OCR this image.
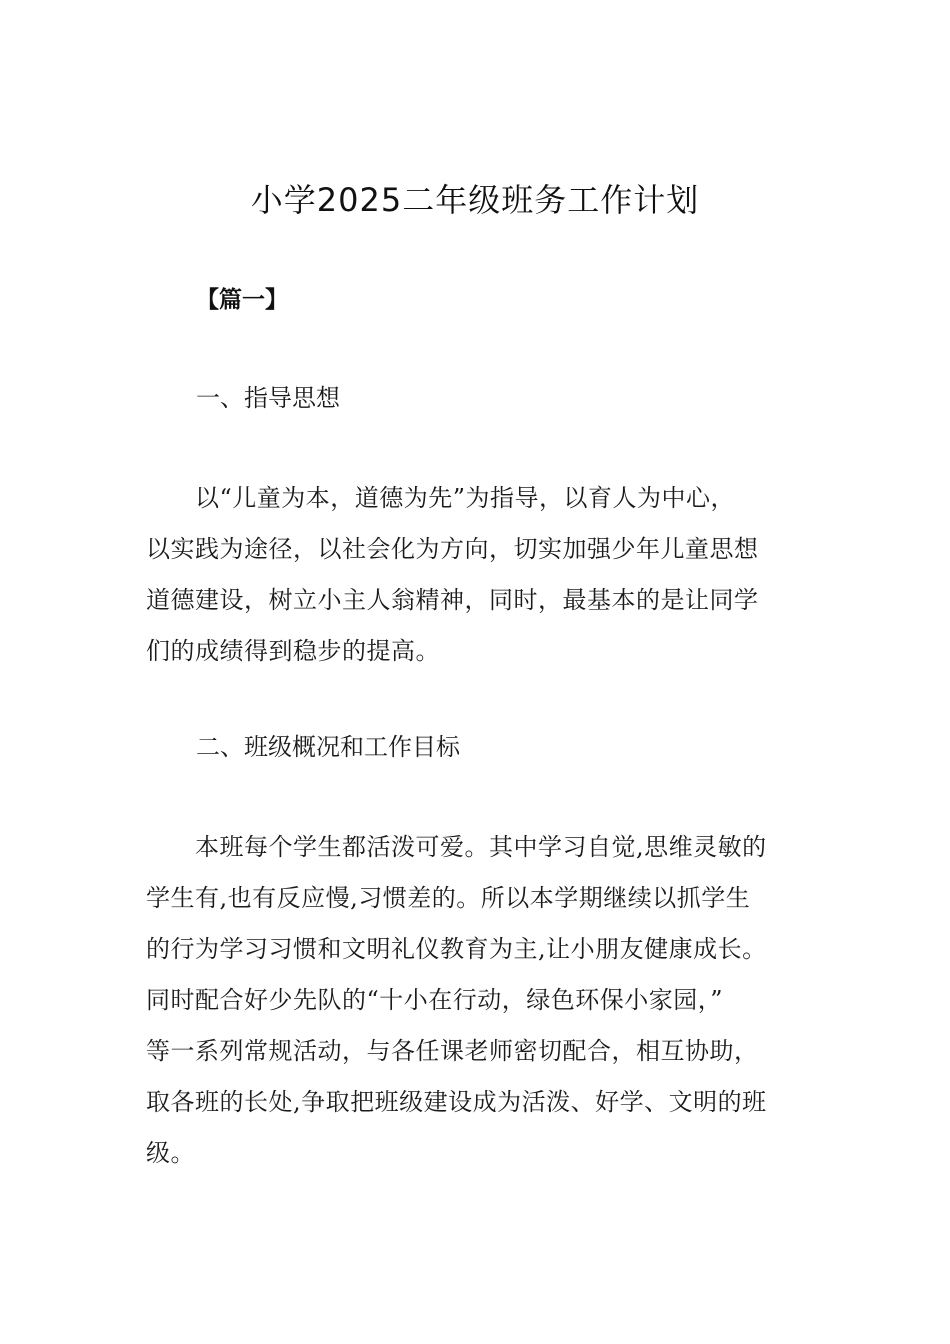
小学2025二年级班务工作计划
【篇一】
一、指导思想
　　以“儿童为本，道德为先”为指导，以育人为中心，
以实践为途径，以社会化为方向，切实加强少年儿童思想
道德建设，树立小主人翁精神，同时，最基本的是让同学
们的成绩得到稳步的提高。
二、班级概况和工作目标
　　本班每个学生都活泼可爱。其中学习自觉,思维灵敏的
学生有,也有反应慢,习惯差的。所以本学期继续以抓学生
的行为学习习惯和文明礼仪教育为主,让小朋友健康成长。
同时配合好少先队的“十小在行动，绿色环保小家园，”
等一系列常规活动，与各任课老师密切配合，相互协助，
取各班的长处,争取把班级建设成为活泼、好学、文明的班
级。
